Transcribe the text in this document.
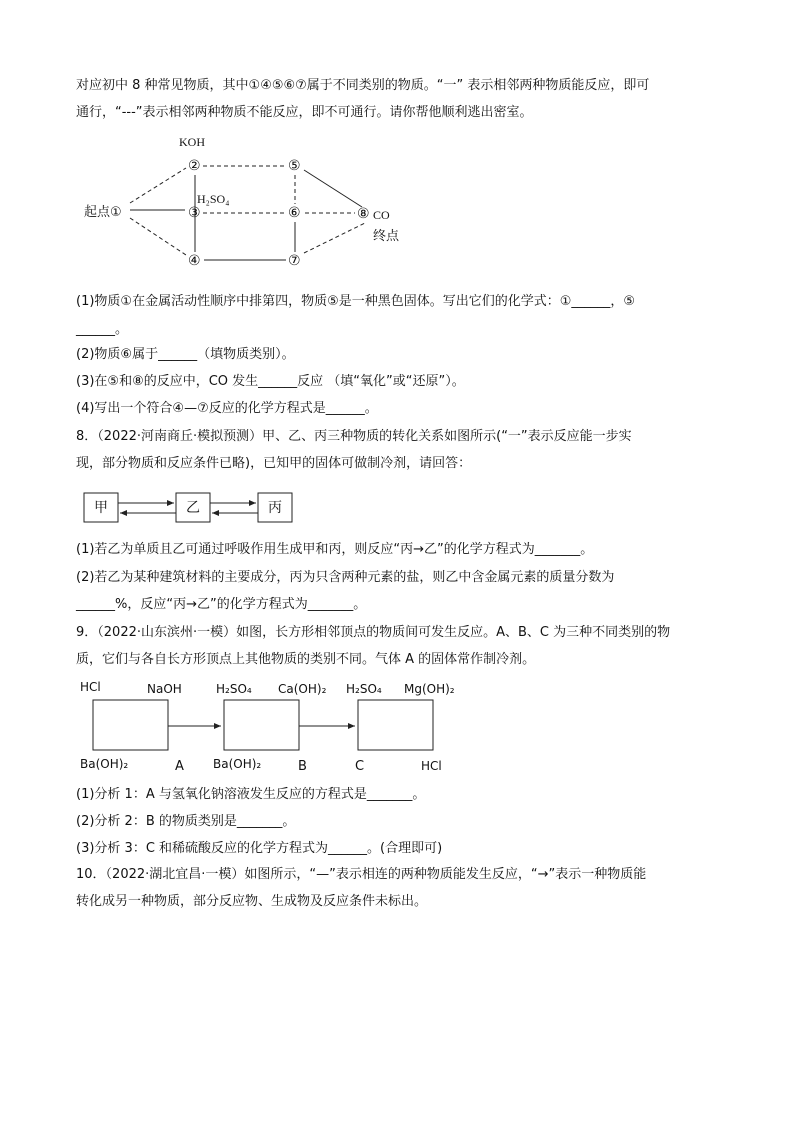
对应初中 8 种常见物质，其中①④⑤⑥⑦属于不同类别的物质。“一” 表示相邻两种物质能反应，即可
通行，“---”表示相邻两种物质不能反应，即不可通行。请你帮他顺利逃出密室。
起点①
KOH
②
H₂SO₄
③
④
⑤
⑥
⑦
⑧ CO
终点
(1)物质①在金属活动性顺序中排第四，物质⑤是一种黑色固体。写出它们的化学式：①______，⑤
______。
(2)物质⑥属于______（填物质类别）。
(3)在⑤和⑧的反应中，CO 发生______反应 （填“氧化”或“还原”）。
(4)写出一个符合④—⑦反应的化学方程式是______。
8．（2022·河南商丘·模拟预测）甲、乙、丙三种物质的转化关系如图所示(“一”表示反应能一步实
现，部分物质和反应条件已略)，已知甲的固体可做制冷剂，请回答：
甲	乙	丙
(1)若乙为单质且乙可通过呼吸作用生成甲和丙，则反应“丙→乙”的化学方程式为_______。
(2)若乙为某种建筑材料的主要成分，丙为只含两种元素的盐，则乙中含金属元素的质量分数为
______%，反应“丙→乙”的化学方程式为_______。
9．（2022·山东滨州·一模）如图，长方形相邻顶点的物质间可发生反应。A、B、C 为三种不同类别的物
质，它们与各自长方形顶点上其他物质的类别不同。气体 A 的固体常作制冷剂。
HCl	NaOH	H₂SO₄ Ca(OH)₂ H₂SO₄ Mg(OH)₂
Ba(OH)₂	Ba(OH)₂	HCl
A	B	C
(1)分析 1：A 与氢氧化钠溶液发生反应的方程式是_______。
(2)分析 2：B 的物质类别是_______。
(3)分析 3：C 和稀硫酸反应的化学方程式为______。(合理即可)
10．（2022·湖北宜昌·一模）如图所示，“—”表示相连的两种物质能发生反应，“→”表示一种物质能
转化成另一种物质，部分反应物、生成物及反应条件未标出。
